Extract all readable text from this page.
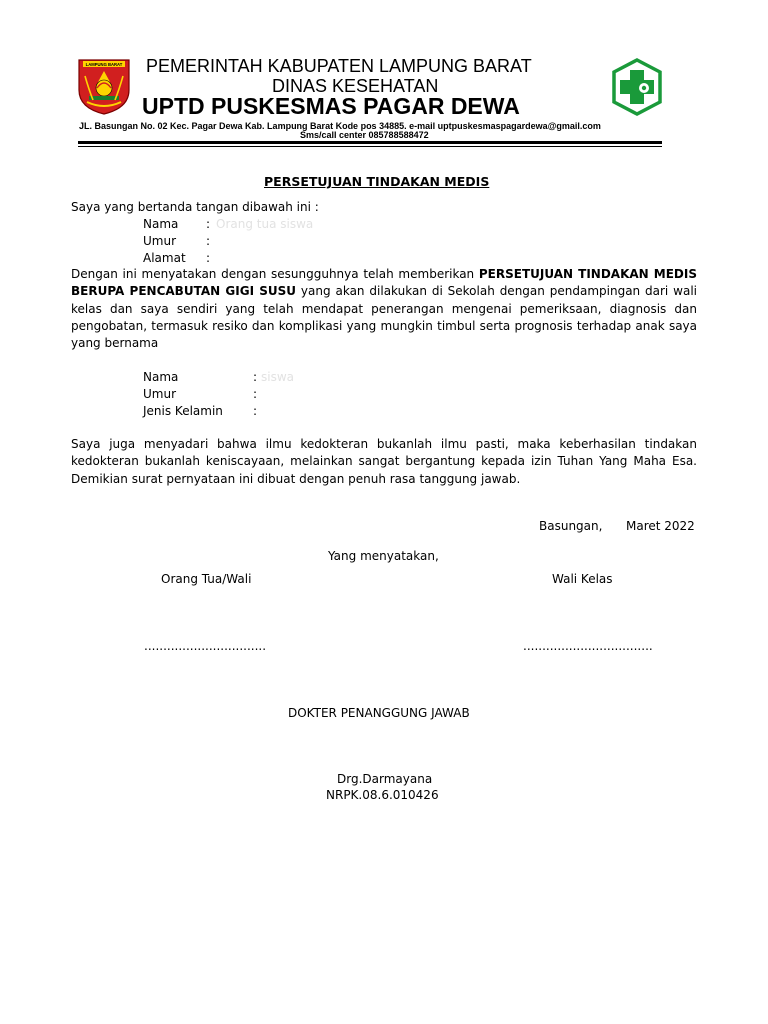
LAMPUNG BARAT PEMERINTAH KABUPATEN LAMPUNG BARAT
DINAS KESEHATAN
UPTD PUSKESMAS PAGAR DEWA
JL. Basungan No. 02 Kec. Pagar Dewa Kab. Lampung Barat Kode pos 34885. e-mail uptpuskesmaspagardewa@gmail.com
Sms/call center 085788588472
PERSETUJUAN TINDAKAN MEDIS
Saya yang bertanda tangan dibawah ini :
Nama : Orang tua siswa
Umur :
Alamat :
Dengan ini menyatakan dengan sesungguhnya telah memberikan PERSETUJUAN TINDAKAN MEDIS BERUPA PENCABUTAN GIGI SUSU yang akan dilakukan di Sekolah dengan pendampingan dari wali kelas dan saya sendiri yang telah mendapat penerangan mengenai pemeriksaan, diagnosis dan pengobatan, termasuk resiko dan komplikasi yang mungkin timbul serta prognosis terhadap anak saya yang bernama
Nama	: siswa
Umur	:
Jenis Kelamin	:
Saya juga menyadari bahwa ilmu kedokteran bukanlah ilmu pasti, maka keberhasilan tindakan kedokteran bukanlah keniscayaan, melainkan sangat bergantung kepada izin Tuhan Yang Maha Esa. Demikian surat pernyataan ini dibuat dengan penuh rasa tanggung jawab.
Basungan, Maret 2022
Yang menyatakan,
Orang Tua/Wali	Wali Kelas
................................	..................................
DOKTER PENANGGUNG JAWAB
Drg.Darmayana
NRPK.08.6.010426
